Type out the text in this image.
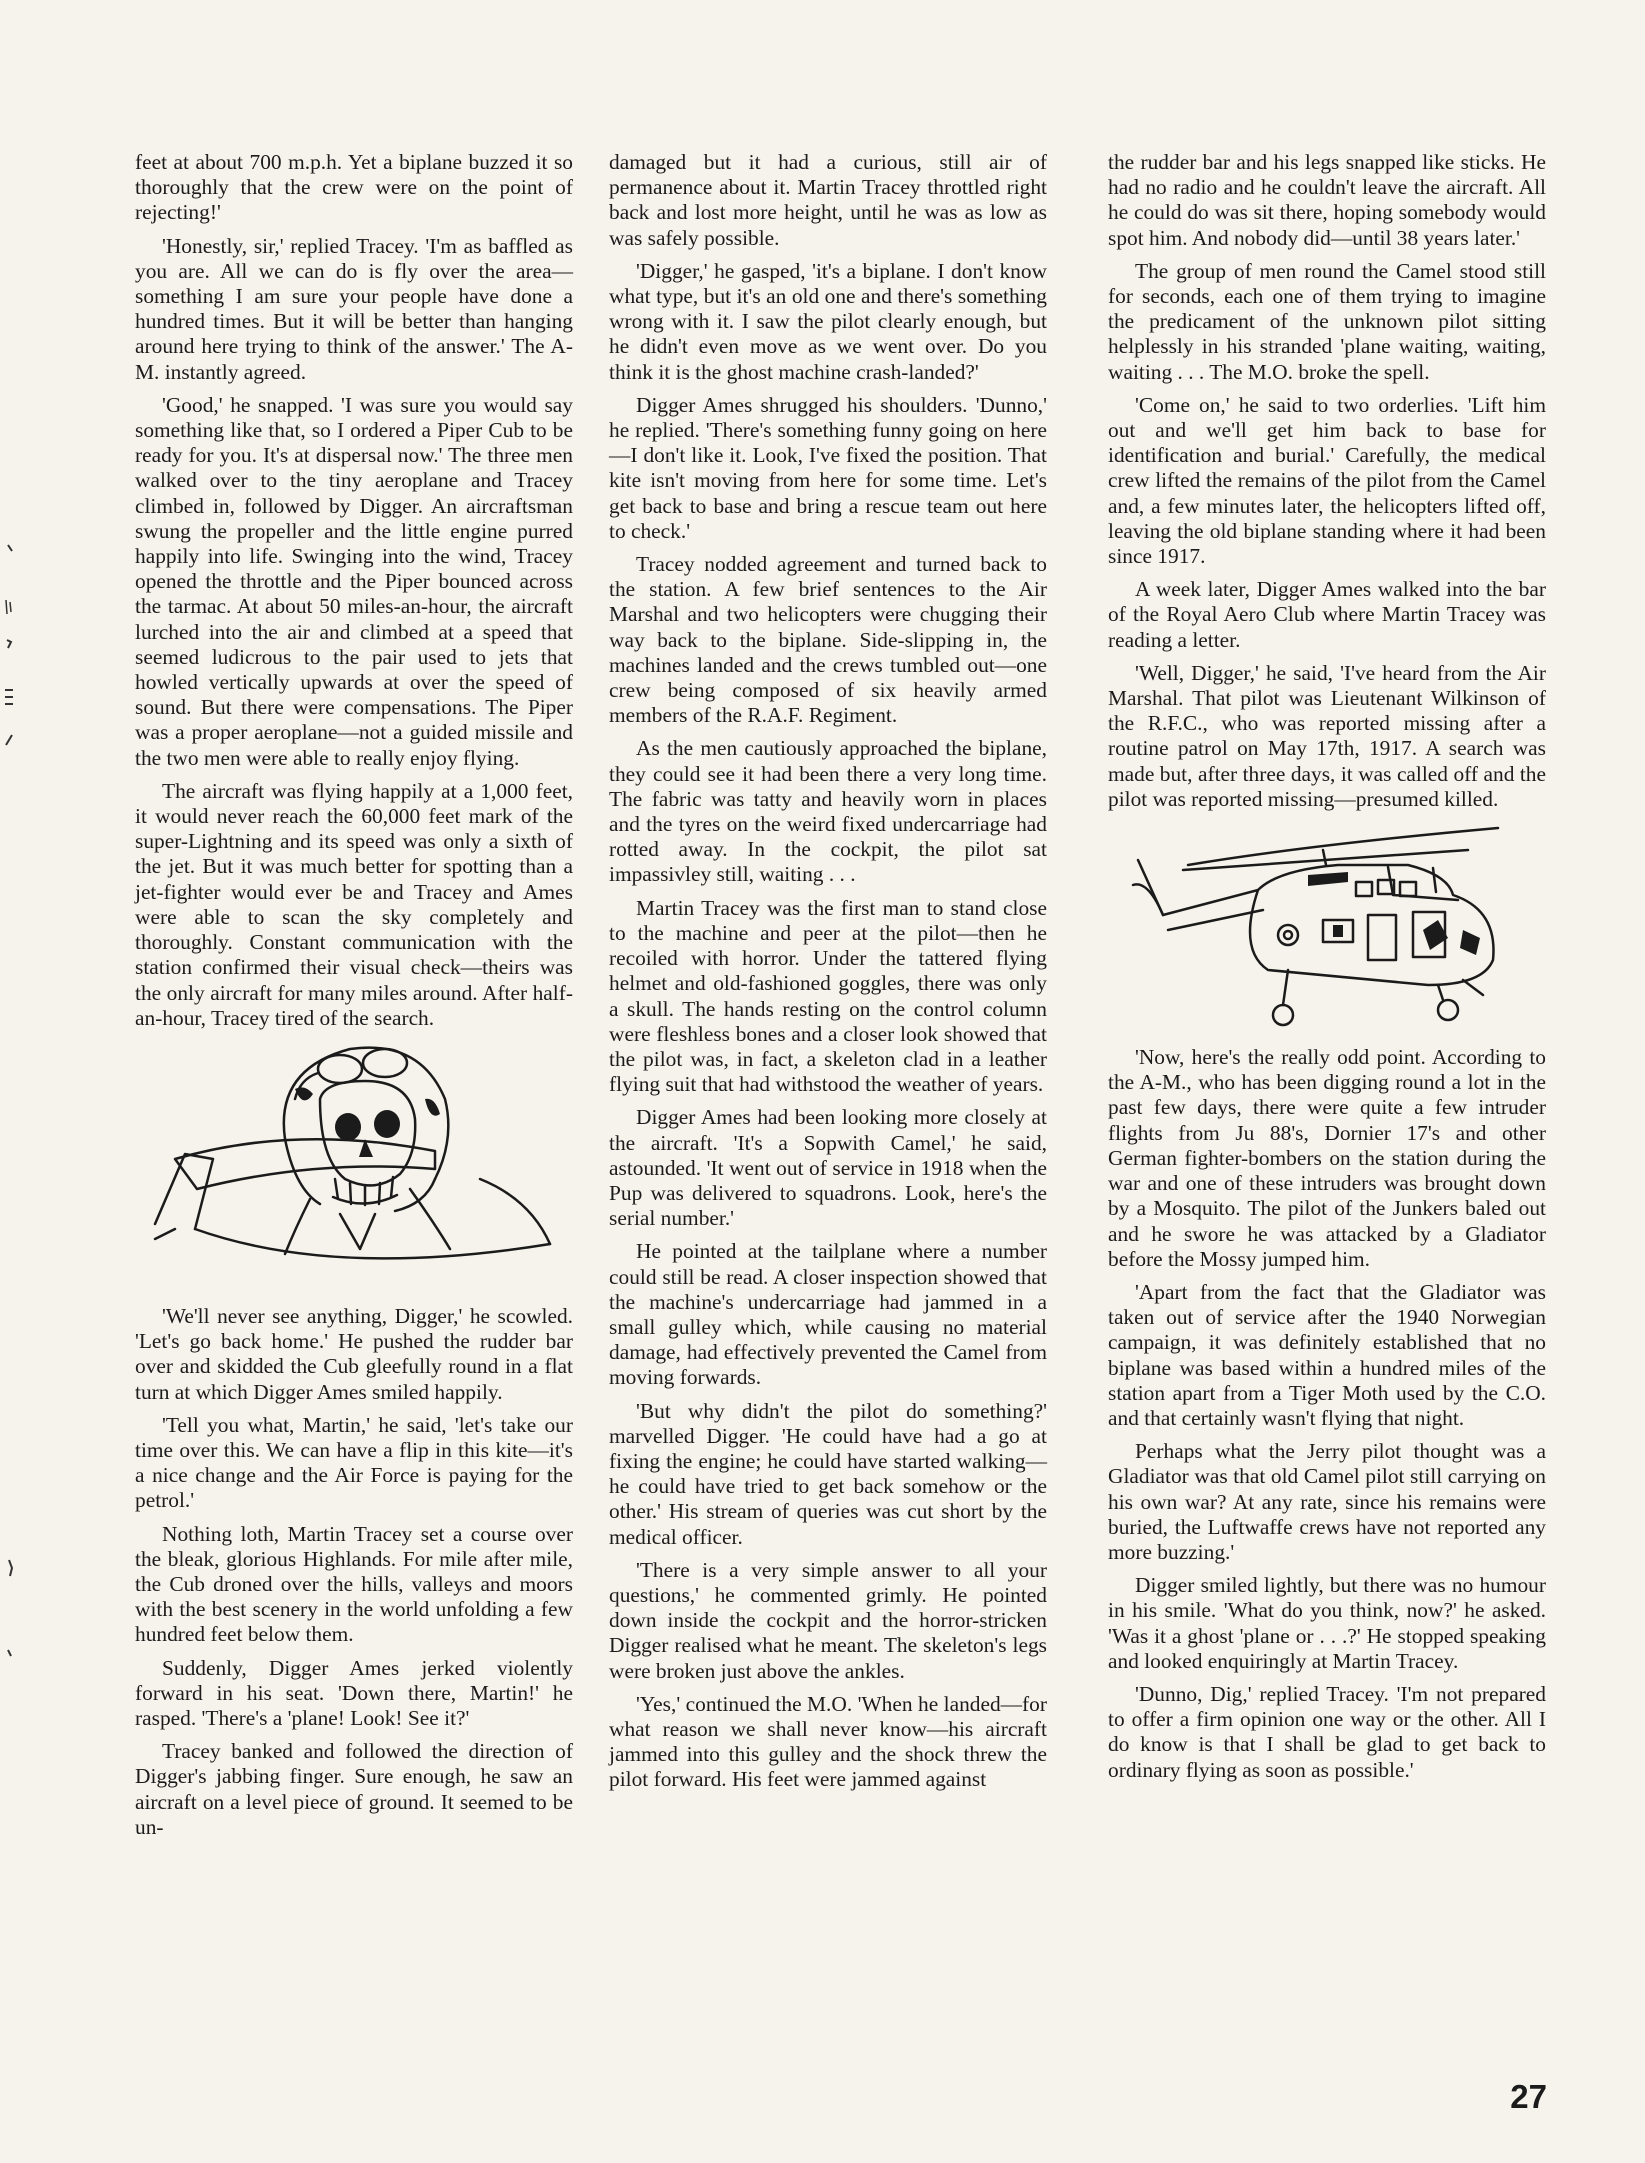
feet at about 700 m.p.h. Yet a biplane buzzed it so thoroughly that the crew were on the point of rejecting!'

'Honestly, sir,' replied Tracey. 'I'm as baffled as you are. All we can do is fly over the area—something I am sure your people have done a hundred times. But it will be better than hanging around here trying to think of the answer.' The A-M. instantly agreed.

'Good,' he snapped. 'I was sure you would say something like that, so I ordered a Piper Cub to be ready for you. It's at dispersal now.' The three men walked over to the tiny aeroplane and Tracey climbed in, followed by Digger. An aircraftsman swung the propeller and the little engine purred happily into life. Swinging into the wind, Tracey opened the throttle and the Piper bounced across the tarmac. At about 50 miles-an-hour, the aircraft lurched into the air and climbed at a speed that seemed ludicrous to the pair used to jets that howled vertically upwards at over the speed of sound. But there were compensations. The Piper was a proper aeroplane—not a guided missile and the two men were able to really enjoy flying.

The aircraft was flying happily at a 1,000 feet, it would never reach the 60,000 feet mark of the super-Lightning and its speed was only a sixth of the jet. But it was much better for spotting than a jet-fighter would ever be and Tracey and Ames were able to scan the sky completely and thoroughly. Constant communication with the station confirmed their visual check—theirs was the only aircraft for many miles around. After half-an-hour, Tracey tired of the search.

'We'll never see anything, Digger,' he scowled. 'Let's go back home.' He pushed the rudder bar over and skidded the Cub gleefully round in a flat turn at which Digger Ames smiled happily.

'Tell you what, Martin,' he said, 'let's take our time over this. We can have a flip in this kite—it's a nice change and the Air Force is paying for the petrol.'

Nothing loth, Martin Tracey set a course over the bleak, glorious Highlands. For mile after mile, the Cub droned over the hills, valleys and moors with the best scenery in the world unfolding a few hundred feet below them.

Suddenly, Digger Ames jerked violently forward in his seat. 'Down there, Martin!' he rasped. 'There's a 'plane! Look! See it?'

Tracey banked and followed the direction of Digger's jabbing finger. Sure enough, he saw an aircraft on a level piece of ground. It seemed to be un-

damaged but it had a curious, still air of permanence about it. Martin Tracey throttled right back and lost more height, until he was as low as was safely possible.

'Digger,' he gasped, 'it's a biplane. I don't know what type, but it's an old one and there's something wrong with it. I saw the pilot clearly enough, but he didn't even move as we went over. Do you think it is the ghost machine crash-landed?'

Digger Ames shrugged his shoulders. 'Dunno,' he replied. 'There's something funny going on here—I don't like it. Look, I've fixed the position. That kite isn't moving from here for some time. Let's get back to base and bring a rescue team out here to check.'

Tracey nodded agreement and turned back to the station. A few brief sentences to the Air Marshal and two helicopters were chugging their way back to the biplane. Side-slipping in, the machines landed and the crews tumbled out—one crew being composed of six heavily armed members of the R.A.F. Regiment.

As the men cautiously approached the biplane, they could see it had been there a very long time. The fabric was tatty and heavily worn in places and the tyres on the weird fixed undercarriage had rotted away. In the cockpit, the pilot sat impassivley still, waiting . . .

Martin Tracey was the first man to stand close to the machine and peer at the pilot—then he recoiled with horror. Under the tattered flying helmet and old-fashioned goggles, there was only a skull. The hands resting on the control column were fleshless bones and a closer look showed that the pilot was, in fact, a skeleton clad in a leather flying suit that had withstood the weather of years.

Digger Ames had been looking more closely at the aircraft. 'It's a Sopwith Camel,' he said, astounded. 'It went out of service in 1918 when the Pup was delivered to squadrons. Look, here's the serial number.'

He pointed at the tailplane where a number could still be read. A closer inspection showed that the machine's undercarriage had jammed in a small gulley which, while causing no material damage, had effectively prevented the Camel from moving forwards.

'But why didn't the pilot do something?' marvelled Digger. 'He could have had a go at fixing the engine; he could have started walking—he could have tried to get back somehow or the other.' His stream of queries was cut short by the medical officer.

'There is a very simple answer to all your questions,' he commented grimly. He pointed down inside the cockpit and the horror-stricken Digger realised what he meant. The skeleton's legs were broken just above the ankles.

'Yes,' continued the M.O. 'When he landed—for what reason we shall never know—his aircraft jammed into this gulley and the shock threw the pilot forward. His feet were jammed against

the rudder bar and his legs snapped like sticks. He had no radio and he couldn't leave the aircraft. All he could do was sit there, hoping somebody would spot him. And nobody did—until 38 years later.'

The group of men round the Camel stood still for seconds, each one of them trying to imagine the predicament of the unknown pilot sitting helplessly in his stranded 'plane waiting, waiting, waiting . . . The M.O. broke the spell.

'Come on,' he said to two orderlies. 'Lift him out and we'll get him back to base for identification and burial.' Carefully, the medical crew lifted the remains of the pilot from the Camel and, a few minutes later, the helicopters lifted off, leaving the old biplane standing where it had been since 1917.

A week later, Digger Ames walked into the bar of the Royal Aero Club where Martin Tracey was reading a letter.

'Well, Digger,' he said, 'I've heard from the Air Marshal. That pilot was Lieutenant Wilkinson of the R.F.C., who was reported missing after a routine patrol on May 17th, 1917. A search was made but, after three days, it was called off and the pilot was reported missing—presumed killed.

'Now, here's the really odd point. According to the A-M., who has been digging round a lot in the past few days, there were quite a few intruder flights from Ju 88's, Dornier 17's and other German fighter-bombers on the station during the war and one of these intruders was brought down by a Mosquito. The pilot of the Junkers baled out and he swore he was attacked by a Gladiator before the Mossy jumped him.

'Apart from the fact that the Gladiator was taken out of service after the 1940 Norwegian campaign, it was definitely established that no biplane was based within a hundred miles of the station apart from a Tiger Moth used by the C.O. and that certainly wasn't flying that night.

Perhaps what the Jerry pilot thought was a Gladiator was that old Camel pilot still carrying on his own war? At any rate, since his remains were buried, the Luftwaffe crews have not reported any more buzzing.'

Digger smiled lightly, but there was no humour in his smile. 'What do you think, now?' he asked. 'Was it a ghost 'plane or . . .?' He stopped speaking and looked enquiringly at Martin Tracey.

'Dunno, Dig,' replied Tracey. 'I'm not prepared to offer a firm opinion one way or the other. All I do know is that I shall be glad to get back to ordinary flying as soon as possible.'

27
